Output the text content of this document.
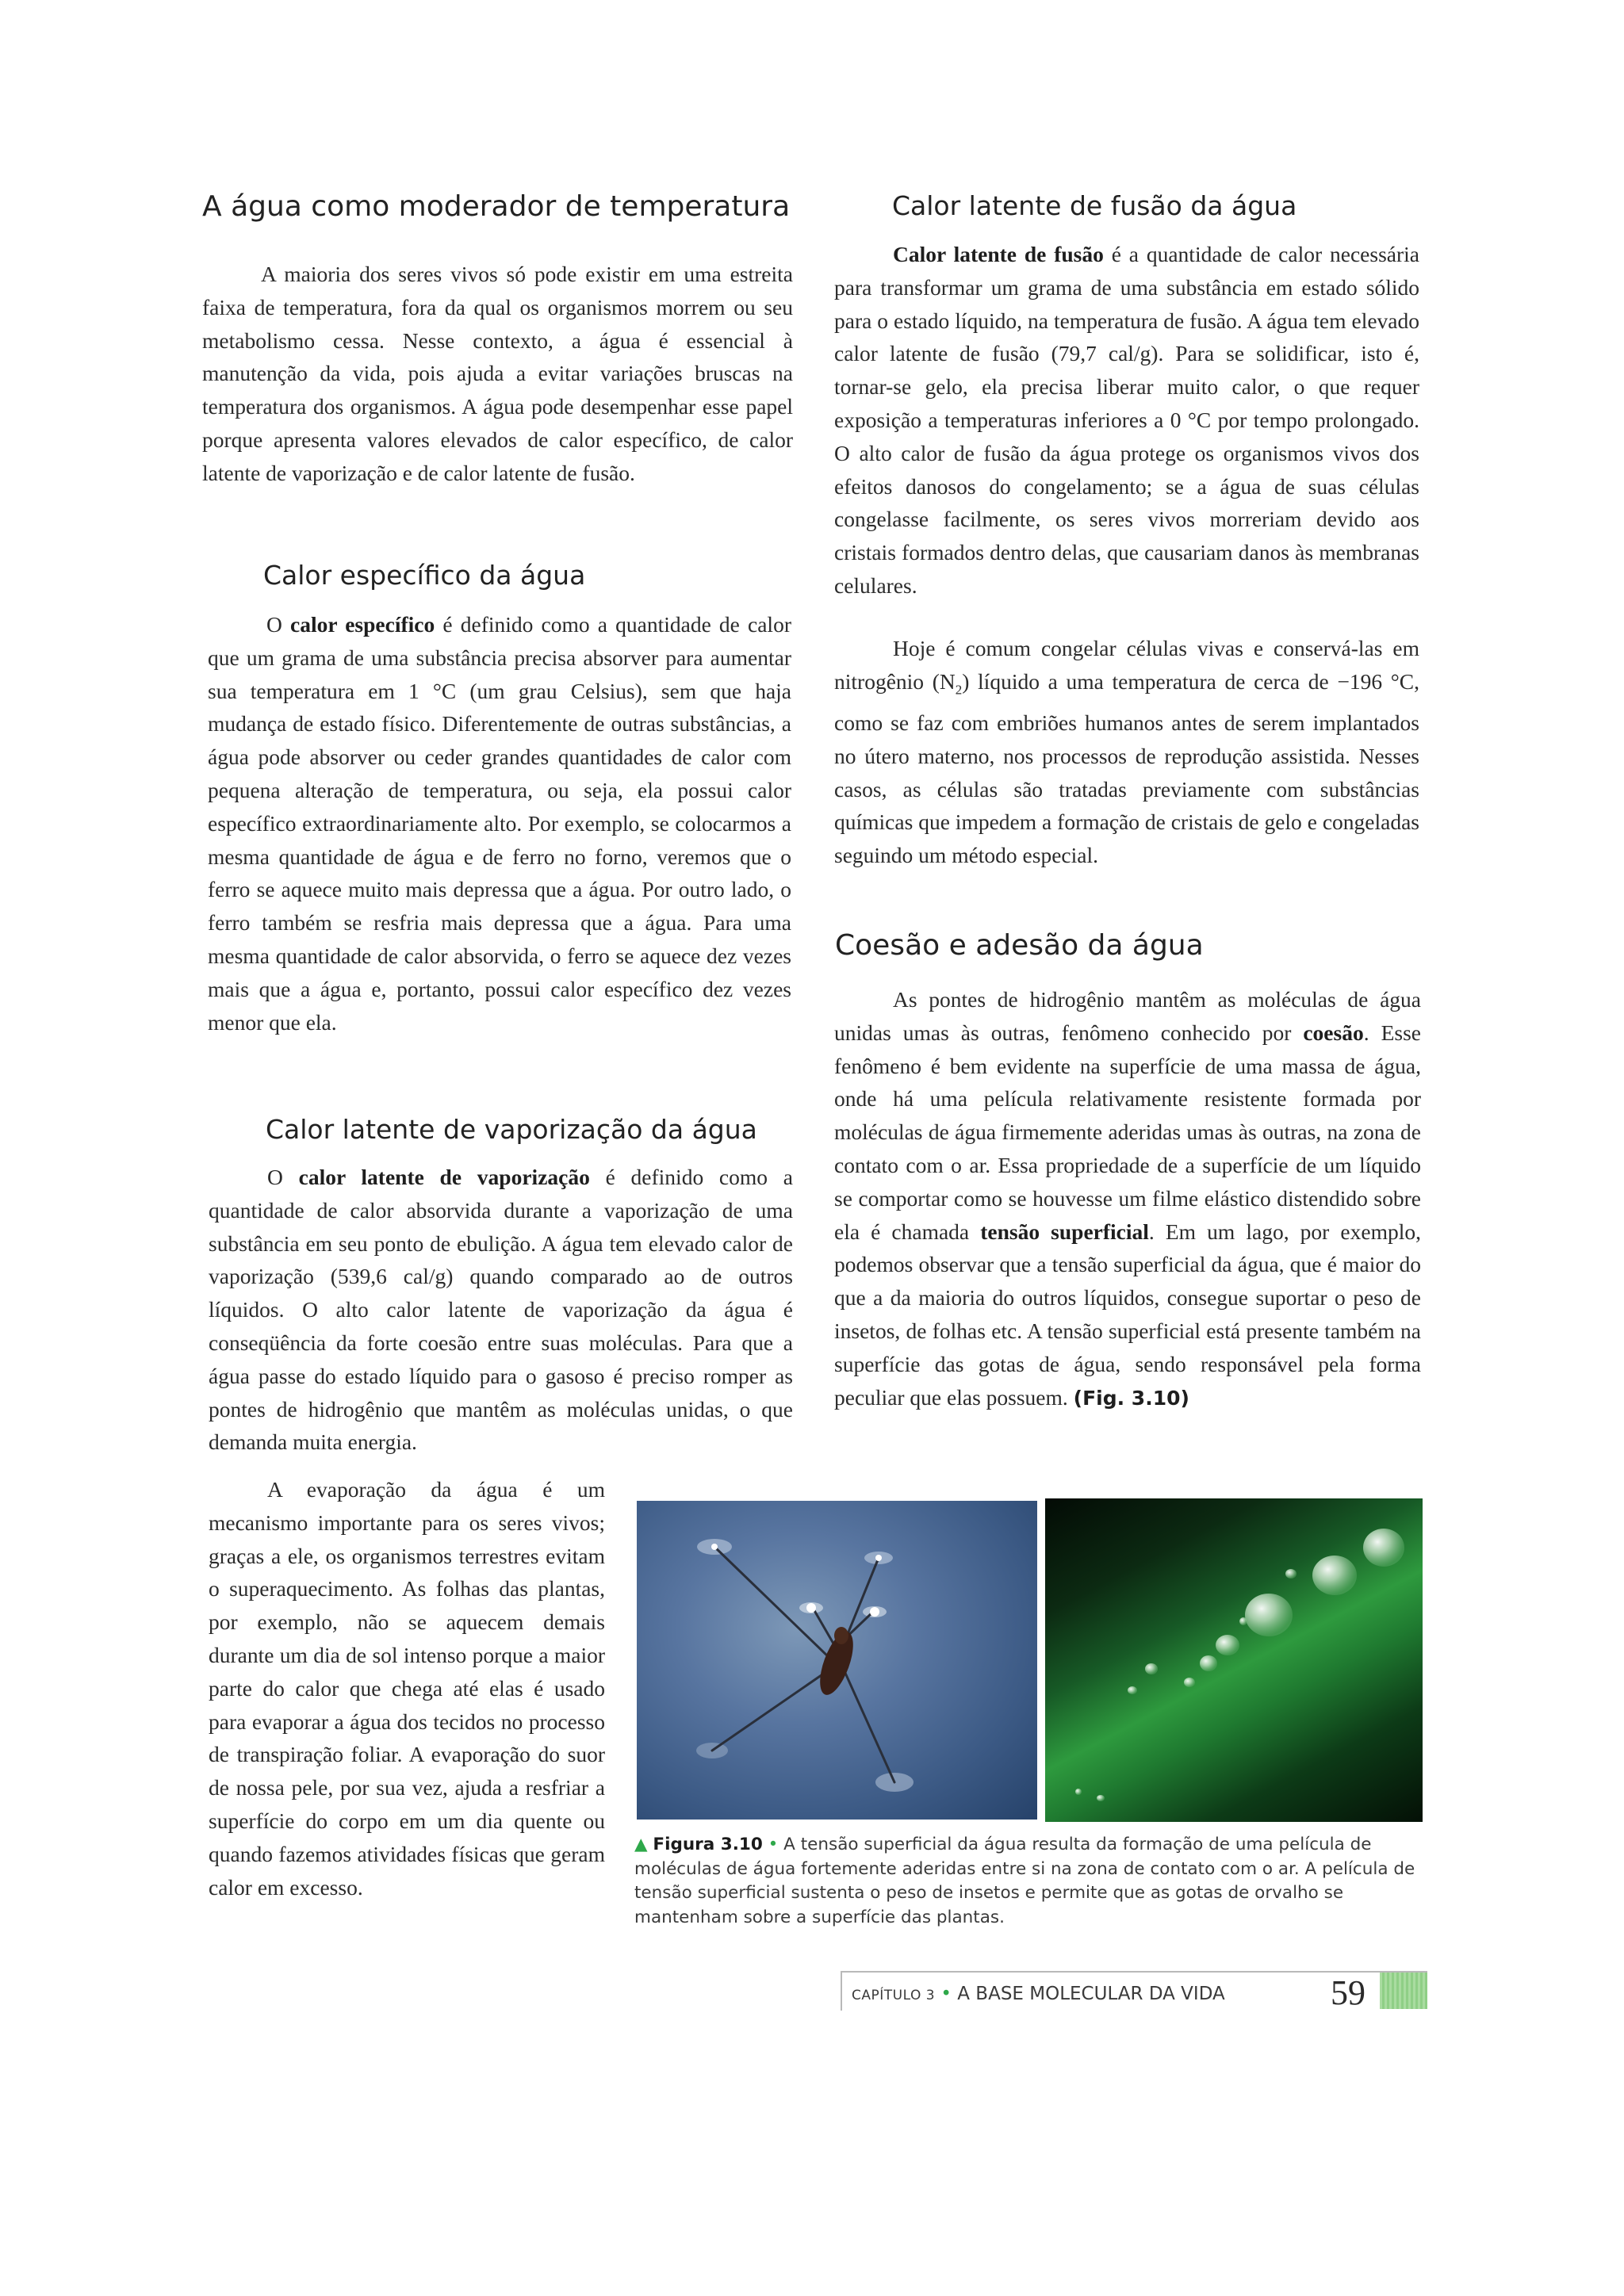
A água como moderador de temperatura

A maioria dos seres vivos só pode existir em uma estreita faixa de temperatura, fora da qual os organismos morrem ou seu metabolismo cessa. Nesse contexto, a água é essencial à manutenção da vida, pois ajuda a evitar variações bruscas na temperatura dos organismos. A água pode desempenhar esse papel porque apresenta valores elevados de calor específico, de calor latente de vaporização e de calor latente de fusão.

Calor específico da água

O calor específico é definido como a quantidade de calor que um grama de uma substância precisa absorver para aumentar sua temperatura em 1 °C (um grau Celsius), sem que haja mudança de estado físico. Diferentemente de outras substâncias, a água pode absorver ou ceder grandes quantidades de calor com pequena alteração de temperatura, ou seja, ela possui calor específico extraordinariamente alto. Por exemplo, se colocarmos a mesma quantidade de água e de ferro no forno, veremos que o ferro se aquece muito mais depressa que a água. Por outro lado, o ferro também se resfria mais depressa que a água. Para uma mesma quantidade de calor absorvida, o ferro se aquece dez vezes mais que a água e, portanto, possui calor específico dez vezes menor que ela.

Calor latente de vaporização da água

O calor latente de vaporização é definido como a quantidade de calor absorvida durante a vaporização de uma substância em seu ponto de ebulição. A água tem elevado calor de vaporização (539,6 cal/g) quando comparado ao de outros líquidos. O alto calor latente de vaporização da água é conseqüência da forte coesão entre suas moléculas. Para que a água passe do estado líquido para o gasoso é preciso romper as pontes de hidrogênio que mantêm as moléculas unidas, o que demanda muita energia.

A evaporação da água é um mecanismo importante para os seres vivos; graças a ele, os organismos terrestres evitam o superaquecimento. As folhas das plantas, por exemplo, não se aquecem demais durante um dia de sol intenso porque a maior parte do calor que chega até elas é usado para evaporar a água dos tecidos no processo de transpiração foliar. A evaporação do suor de nossa pele, por sua vez, ajuda a resfriar a superfície do corpo em um dia quente ou quando fazemos atividades físicas que geram calor em excesso.

Calor latente de fusão da água

Calor latente de fusão é a quantidade de calor necessária para transformar um grama de uma substância em estado sólido para o estado líquido, na temperatura de fusão. A água tem elevado calor latente de fusão (79,7 cal/g). Para se solidificar, isto é, tornar-se gelo, ela precisa liberar muito calor, o que requer exposição a temperaturas inferiores a 0 °C por tempo prolongado. O alto calor de fusão da água protege os organismos vivos dos efeitos danosos do congelamento; se a água de suas células congelasse facilmente, os seres vivos morreriam devido aos cristais formados dentro delas, que causariam danos às membranas celulares.

Hoje é comum congelar células vivas e conservá-las em nitrogênio $(N_2)$ líquido a uma temperatura de cerca de −196 °C, como se faz com embriões humanos antes de serem implantados no útero materno, nos processos de reprodução assistida. Nesses casos, as células são tratadas previamente com substâncias químicas que impedem a formação de cristais de gelo e congeladas seguindo um método especial.

Coesão e adesão da água

As pontes de hidrogênio mantêm as moléculas de água unidas umas às outras, fenômeno conhecido por coesão. Esse fenômeno é bem evidente na superfície de uma massa de água, onde há uma película relativamente resistente formada por moléculas de água firmemente aderidas umas às outras, na zona de contato com o ar. Essa propriedade de a superfície de um líquido se comportar como se houvesse um filme elástico distendido sobre ela é chamada tensão superficial. Em um lago, por exemplo, podemos observar que a tensão superficial da água, que é maior do que a da maioria do outros líquidos, consegue suportar o peso de insetos, de folhas etc. A tensão superficial está presente também na superfície das gotas de água, sendo responsável pela forma peculiar que elas possuem. (Fig. 3.10)

▲ Figura 3.10 • A tensão superficial da água resulta da formação de uma película de moléculas de água fortemente aderidas entre si na zona de contato com o ar. A película de tensão superficial sustenta o peso de insetos e permite que as gotas de orvalho se mantenham sobre a superfície das plantas.

CAPÍTULO 3 • A BASE MOLECULAR DA VIDA	59
